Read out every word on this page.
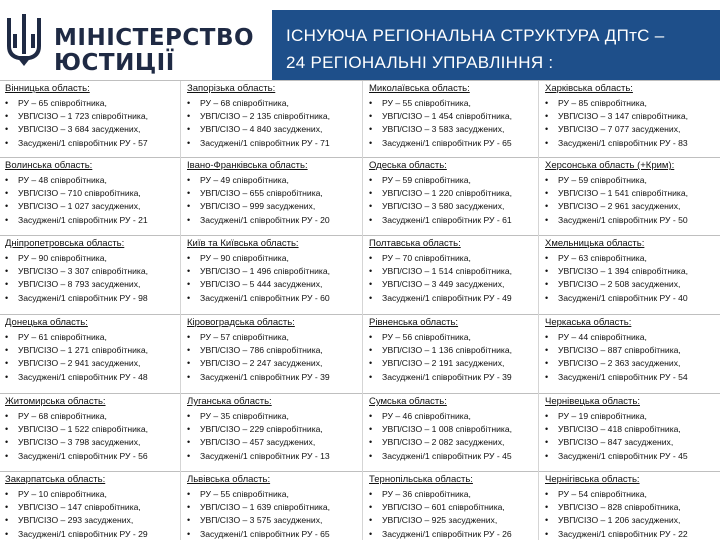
МІНІСТЕРСТВО
ЮСТИЦІЇ
ІСНУЮЧА РЕГІОНАЛЬНА СТРУКТУРА ДПтС –
24 РЕГІОНАЛЬНІ УПРАВЛІННЯ :
Вінницька область:
• РУ – 65 співробітника,
• УВП/СІЗО – 1 723 співробітника,
• УВП/СІЗО – 3 684 засуджених,
• Засуджені/1 співробітник РУ - 57
Запорізька область:
• РУ – 68 співробітника,
• УВП/СІЗО – 2 135 співробітника,
• УВП/СІЗО – 4 840 засуджених,
• Засуджені/1 співробітник РУ - 71
Миколаївська область:
• РУ – 55 співробітника,
• УВП/СІЗО – 1 454 співробітника,
• УВП/СІЗО – 3 583 засуджених,
• Засуджені/1 співробітник РУ - 65
Харківська область:
• РУ – 85 співробітника,
• УВП/СІЗО – 3 147 співробітника,
• УВП/СІЗО – 7 077 засуджених,
• Засуджені/1 співробітник РУ - 83
Волинська область:
• РУ – 48 співробітника,
• УВП/СІЗО – 710 співробітника,
• УВП/СІЗО – 1 027 засуджених,
• Засуджені/1 співробітник РУ - 21
Івано-Франківська область:
• РУ – 49 співробітника,
• УВП/СІЗО – 655 співробітника,
• УВП/СІЗО – 999 засуджених,
• Засуджені/1 співробітник РУ - 20
Одеська область:
• РУ – 59 співробітника,
• УВП/СІЗО – 1 220 співробітника,
• УВП/СІЗО – 3 580 засуджених,
• Засуджені/1 співробітник РУ - 61
Херсонська область (+Крим):
• РУ – 59 співробітника,
• УВП/СІЗО – 1 541 співробітника,
• УВП/СІЗО – 2 961 засуджених,
• Засуджені/1 співробітник РУ - 50
Дніпропетровська область:
• РУ – 90 співробітника,
• УВП/СІЗО – 3 307 співробітника,
• УВП/СІЗО – 8 793 засуджених,
• Засуджені/1 співробітник РУ - 98
Київ та Київська область:
• РУ – 90 співробітника,
• УВП/СІЗО – 1 496 співробітника,
• УВП/СІЗО – 5 444 засуджених,
• Засуджені/1 співробітник РУ - 60
Полтавська область:
• РУ – 70 співробітника,
• УВП/СІЗО – 1 514 співробітника,
• УВП/СІЗО – 3 449 засуджених,
• Засуджені/1 співробітник РУ - 49
Хмельницька область:
• РУ – 63 співробітника,
• УВП/СІЗО – 1 394 співробітника,
• УВП/СІЗО – 2 508 засуджених,
• Засуджені/1 співробітник РУ - 40
Донецька область:
• РУ – 61 співробітника,
• УВП/СІЗО – 1 271 співробітника,
• УВП/СІЗО – 2 941 засуджених,
• Засуджені/1 співробітник РУ - 48
Кіровоградська область:
• РУ – 57 співробітника,
• УВП/СІЗО – 786 співробітника,
• УВП/СІЗО – 2 247 засуджених,
• Засуджені/1 співробітник РУ - 39
Рівненська область:
• РУ – 56 співробітника,
• УВП/СІЗО – 1 136 співробітника,
• УВП/СІЗО – 2 191 засуджених,
• Засуджені/1 співробітник РУ - 39
Черкаська область:
• РУ – 44 співробітника,
• УВП/СІЗО – 887 співробітника,
• УВП/СІЗО – 2 363 засуджених,
• Засуджені/1 співробітник РУ - 54
Житомирська область:
• РУ – 68 співробітника,
• УВП/СІЗО – 1 522 співробітника,
• УВП/СІЗО – 3 798 засуджених,
• Засуджені/1 співробітник РУ - 56
Луганська область:
• РУ – 35 співробітника,
• УВП/СІЗО – 229 співробітника,
• УВП/СІЗО – 457 засуджених,
• Засуджені/1 співробітник РУ - 13
Сумська область:
• РУ – 46 співробітника,
• УВП/СІЗО – 1 008 співробітника,
• УВП/СІЗО – 2 082 засуджених,
• Засуджені/1 співробітник РУ - 45
Чернівецька область:
• РУ – 19 співробітника,
• УВП/СІЗО – 418 співробітника,
• УВП/СІЗО – 847 засуджених,
• Засуджені/1 співробітник РУ - 45
Закарпатська область:
• РУ – 10 співробітника,
• УВП/СІЗО – 147 співробітника,
• УВП/СІЗО – 293 засуджених,
• Засуджені/1 співробітник РУ - 29
Львівська область:
• РУ – 55 співробітника,
• УВП/СІЗО – 1 639 співробітника,
• УВП/СІЗО – 3 575 засуджених,
• Засуджені/1 співробітник РУ - 65
Тернопільська область:
• РУ – 36 співробітника,
• УВП/СІЗО – 601 співробітника,
• УВП/СІЗО – 925 засуджених,
• Засуджені/1 співробітник РУ - 26
Чернігівська область:
• РУ – 54 співробітника,
• УВП/СІЗО – 828 співробітника,
• УВП/СІЗО – 1 206 засуджених,
• Засуджені/1 співробітник РУ - 22
